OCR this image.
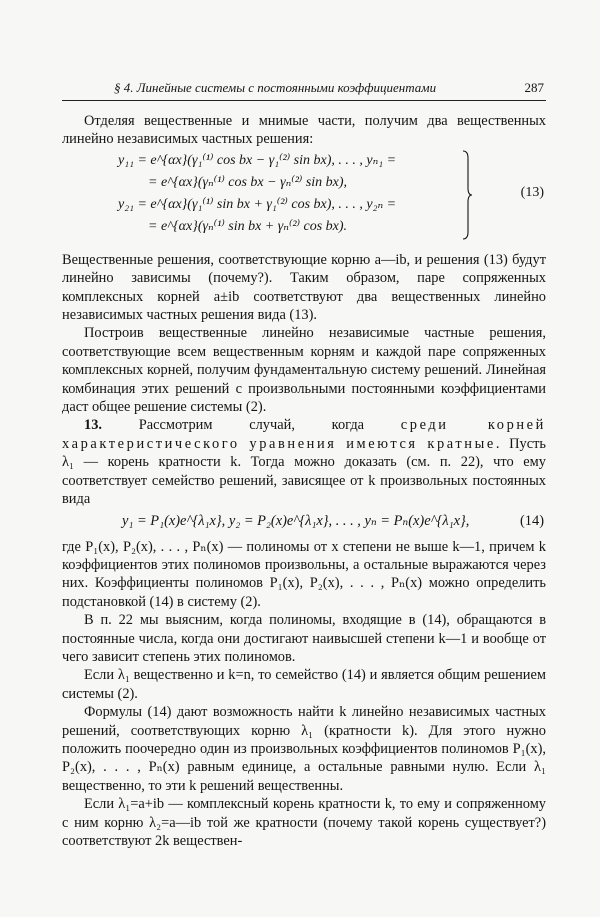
§ 4. Линейные системы с постоянными коэффициентами	287

Отделяя вещественные и мнимые части, получим два вещественных линейно независимых частных решения:

y₁₁ = e^{αx}(γ₁⁽¹⁾ cos bx − γ₁⁽²⁾ sin bx), . . . , yₙ₁ =
= e^{αx}(γₙ⁽¹⁾ cos bx − γₙ⁽²⁾ sin bx),
y₂₁ = e^{αx}(γ₁⁽¹⁾ sin bx + γ₁⁽²⁾ cos bx), . . . , y₂ₙ =
= e^{αx}(γₙ⁽¹⁾ sin bx + γₙ⁽²⁾ cos bx).
(13)

Вещественные решения, соответствующие корню a—ib, и решения (13) будут линейно зависимы (почему?). Таким образом, паре сопряженных комплексных корней a±ib соответствуют два вещественных линейно независимых частных решения вида (13).

Построив вещественные линейно независимые частные решения, соответствующие всем вещественным корням и каждой паре сопряженных комплексных корней, получим фундаментальную систему решений. Линейная комбинация этих решений с произвольными постоянными коэффициентами даст общее решение системы (2).

13.	Рассмотрим случай, когда	среди корней характеристического уравнения имеются кратные. Пусть λ₁ — корень кратности k. Тогда можно доказать (см. п. 22), что ему соответствует семейство решений, зависящее от k произвольных постоянных вида

y₁ = P₁(x)e^{λ₁x}, y₂ = P₂(x)e^{λ₁x}, . . . , yₙ = Pₙ(x)e^{λ₁x},	(14)

где P₁(x), P₂(x), . . . , Pₙ(x) — полиномы от x степени не выше k—1, причем k коэффициентов этих полиномов произвольны, а остальные выражаются через них. Коэффициенты полиномов P₁(x), P₂(x), . . . , Pₙ(x) можно определить подстановкой (14) в систему (2).

В п. 22 мы выясним, когда полиномы, входящие в (14), обращаются в постоянные числа, когда они достигают наивысшей степени k—1 и вообще от чего зависит степень этих полиномов.

Если λ₁ вещественно и k=n, то семейство (14) и является общим решением системы (2).

Формулы (14) дают возможность найти k линейно независимых частных решений, соответствующих корню λ₁ (кратности k). Для этого нужно положить поочередно один из произвольных коэффициентов полиномов P₁(x), P₂(x), . . . , Pₙ(x) равным единице, а остальные равными нулю. Если λ₁ вещественно, то эти k решений вещественны.

Если λ₁=a+ib — комплексный корень кратности k, то ему и сопряженному с ним корню λ₂=a—ib той же кратности (почему такой корень существует?) соответствуют 2k веществен-
